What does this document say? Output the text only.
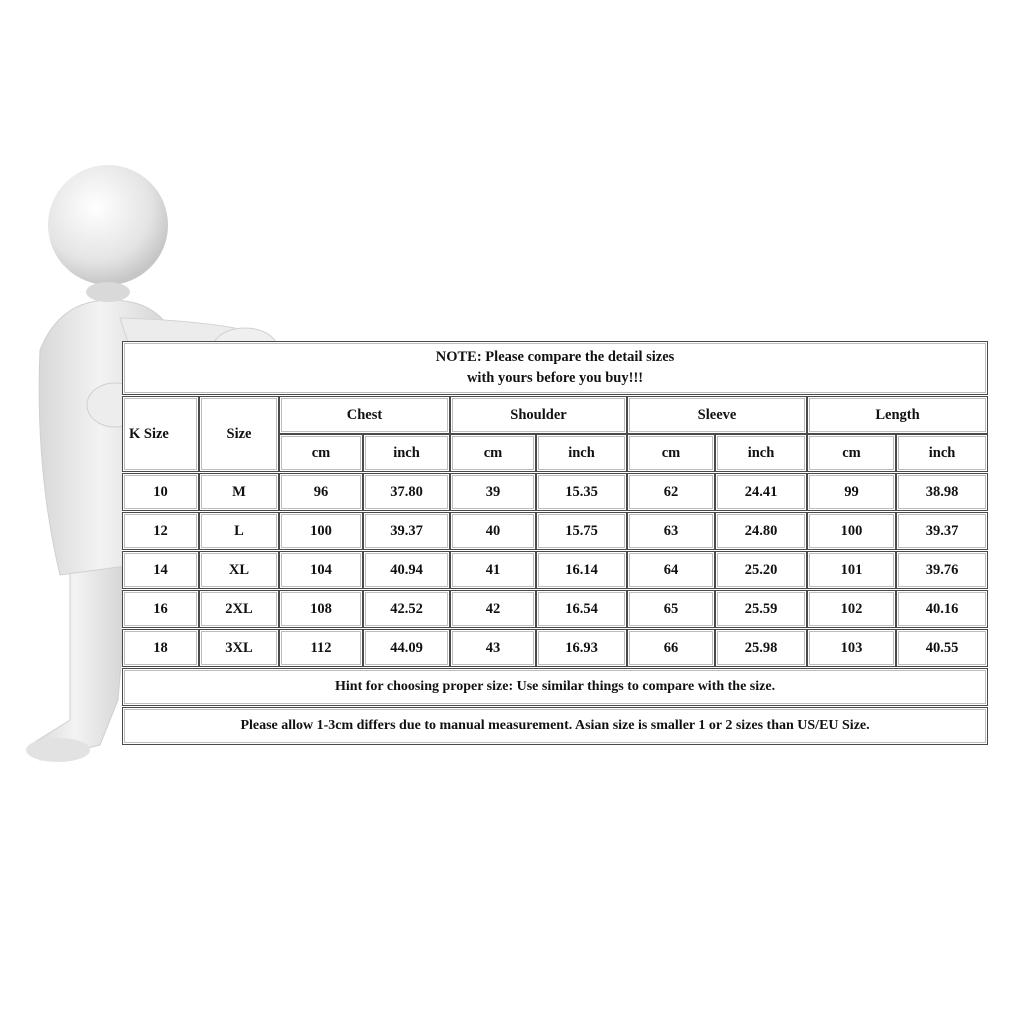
NOTE: Please compare the detail sizes
with yours before you buy!!!									

K Size	Size	Chest		Shoulder		Sleeve		Length	
		cm	inch	cm	inch	cm	inch	cm	inch

10	M	96	37.80	39	15.35	62	24.41	99	38.98

12	L	100	39.37	40	15.75	63	24.80	100	39.37

14	XL	104	40.94	41	16.14	64	25.20	101	39.76

16	2XL	108	42.52	42	16.54	65	25.59	102	40.16

18	3XL	112	44.09	43	16.93	66	25.98	103	40.55

Hint for choosing proper size: Use similar things to compare with the size.									

Please allow 1-3cm differs due to manual measurement. Asian size is smaller 1 or 2 sizes than US/EU Size.									
